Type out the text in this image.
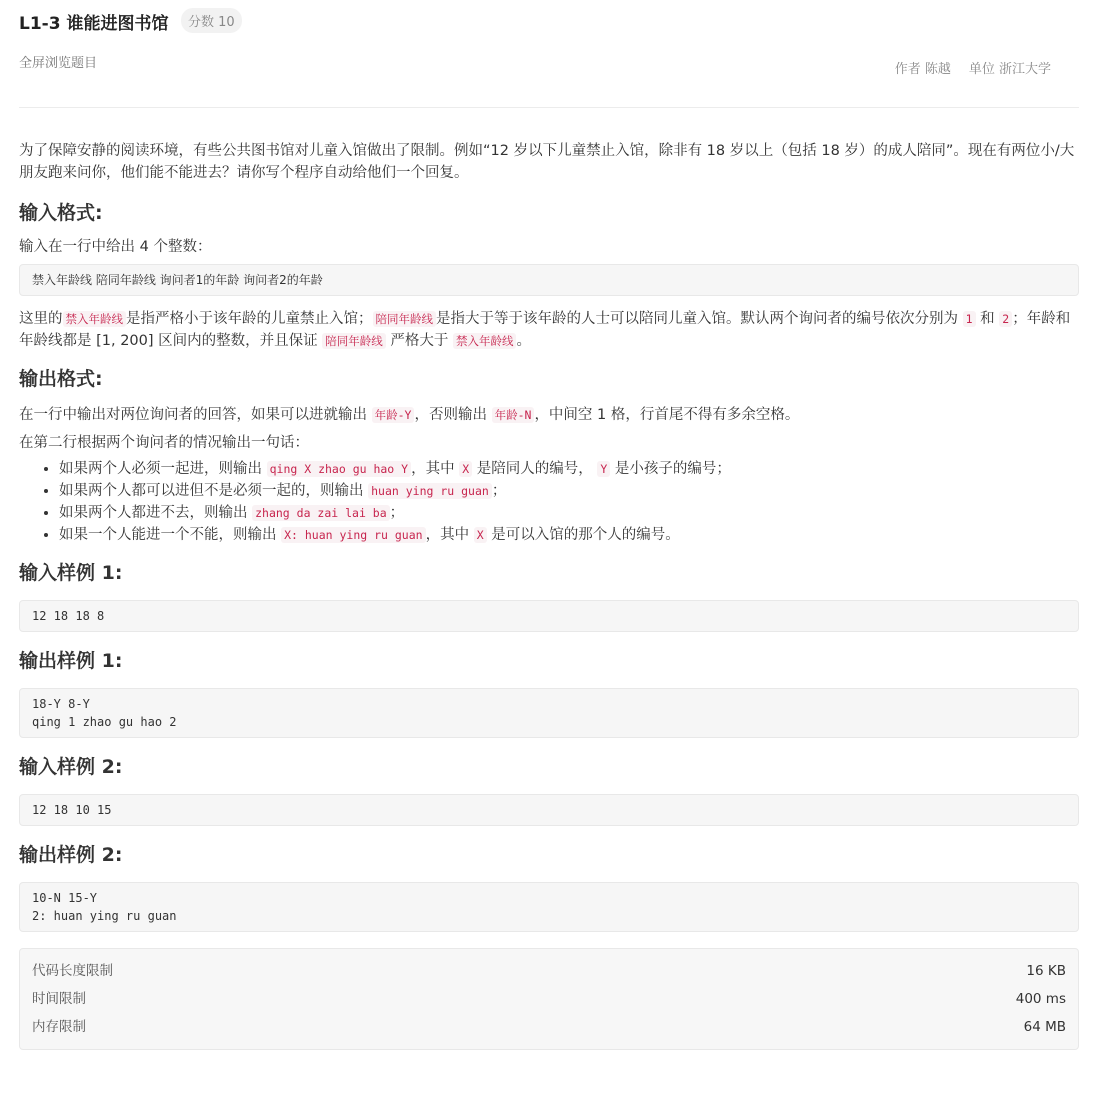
L1-3 谁能进图书馆	分数 10
全屏浏览题目	作者 陈越 单位 浙江大学

为了保障安静的阅读环境，有些公共图书馆对儿童入馆做出了限制。例如“12 岁以下儿童禁止入馆，除非有 18 岁以上（包括 18 岁）的成人陪同”。现在有两位小/大朋友跑来问你，他们能不能进去？请你写个程序自动给他们一个回复。

输入格式:

输入在一行中给出 4 个整数：

禁入年龄线 陪同年龄线 询问者1的年龄 询问者2的年龄

这里的 禁入年龄线 是指严格小于该年龄的儿童禁止入馆； 陪同年龄线 是指大于等于该年龄的人士可以陪同儿童入馆。默认两个询问者的编号依次分别为 1 和 2 ；年龄和年龄线都是 [1, 200] 区间内的整数，并且保证 陪同年龄线 严格大于 禁入年龄线 。

输出格式:

在一行中输出对两位询问者的回答，如果可以进就输出 年龄-Y ，否则输出 年龄-N ，中间空 1 格，行首尾不得有多余空格。

在第二行根据两个询问者的情况输出一句话：

• 如果两个人必须一起进，则输出 qing X zhao gu hao Y ，其中 X 是陪同人的编号， Y 是小孩子的编号；
• 如果两个人都可以进但不是必须一起的，则输出 huan ying ru guan ；
• 如果两个人都进不去，则输出 zhang da zai lai ba ；
• 如果一个人能进一个不能，则输出 X: huan ying ru guan ，其中 X 是可以入馆的那个人的编号。
输入样例 1:
12 18 18 8
输出样例 1:
18-Y 8-Y
qing 1 zhao gu hao 2
输入样例 2:
12 18 10 15
输出样例 2:
10-N 15-Y
2: huan ying ru guan
代码长度限制	16 KB
时间限制	400 ms
内存限制	64 MB
